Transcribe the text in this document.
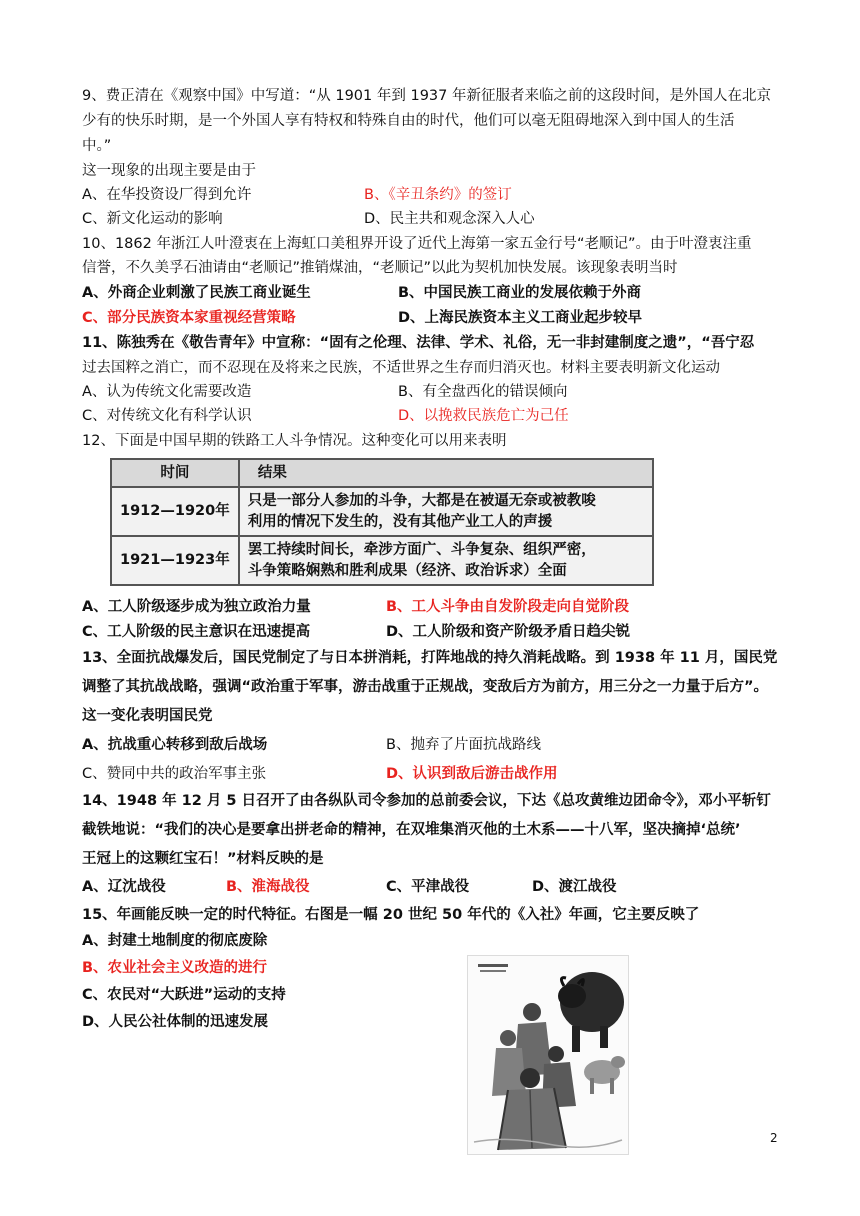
9、费正清在《观察中国》中写道：“从 1901 年到 1937 年新征服者来临之前的这段时间，是外国人在北京
少有的快乐时期，是一个外国人享有特权和特殊自由的时代，他们可以毫无阻碍地深入到中国人的生活
中。”
这一现象的出现主要是由于
A、在华投资设厂得到允许	B、《辛丑条约》的签订
C、新文化运动的影响	D、民主共和观念深入人心
10、1862 年浙江人叶澄衷在上海虹口美租界开设了近代上海第一家五金行号“老顺记”。由于叶澄衷注重
信誉，不久美孚石油请由“老顺记”推销煤油，“老顺记”以此为契机加快发展。该现象表明当时
A、外商企业刺激了民族工商业诞生	B、中国民族工商业的发展依赖于外商
C、部分民族资本家重视经营策略	D、上海民族资本主义工商业起步较早
11、陈独秀在《敬告青年》中宣称：“固有之伦理、法律、学术、礼俗，无一非封建制度之遗”，“吾宁忍
过去国粹之消亡，而不忍现在及将来之民族，不适世界之生存而归消灭也。材料主要表明新文化运动
A、认为传统文化需要改造	B、有全盘西化的错误倾向
C、对传统文化有科学认识	D、以挽救民族危亡为己任
12、下面是中国早期的铁路工人斗争情况。这种变化可以用来表明
时间	结果
1912—1920年	只是一部分人参加的斗争，大都是在被逼无奈或被教唆
利用的情况下发生的，没有其他产业工人的声援

1921—1923年	罢工持续时间长，牵涉方面广、斗争复杂、组织严密，
斗争策略娴熟和胜利成果（经济、政治诉求）全面
A、工人阶级逐步成为独立政治力量	B、工人斗争由自发阶段走向自觉阶段
C、工人阶级的民主意识在迅速提高	D、工人阶级和资产阶级矛盾日趋尖锐
13、全面抗战爆发后，国民党制定了与日本拼消耗，打阵地战的持久消耗战略。到 1938 年 11 月，国民党
调整了其抗战战略，强调“政治重于军事，游击战重于正规战，变敌后方为前方，用三分之一力量于后方”。
这一变化表明国民党
A、抗战重心转移到敌后战场	B、抛弃了片面抗战路线
C、赞同中共的政治军事主张	D、认识到敌后游击战作用
14、1948 年 12 月 5 日召开了由各纵队司令参加的总前委会议，下达《总攻黄维边团命令》，邓小平斩钉
截铁地说：“我们的决心是要拿出拼老命的精神，在双堆集消灭他的土木系——十八军，坚决摘掉‘总统’
王冠上的这颗红宝石！”材料反映的是
A、辽沈战役	B、淮海战役	C、平津战役	D、渡江战役
15、年画能反映一定的时代特征。右图是一幅 20 世纪 50 年代的《入社》年画，它主要反映了
A、封建土地制度的彻底废除
B、农业社会主义改造的进行
C、农民对“大跃进”运动的支持
D、人民公社体制的迅速发展
2
